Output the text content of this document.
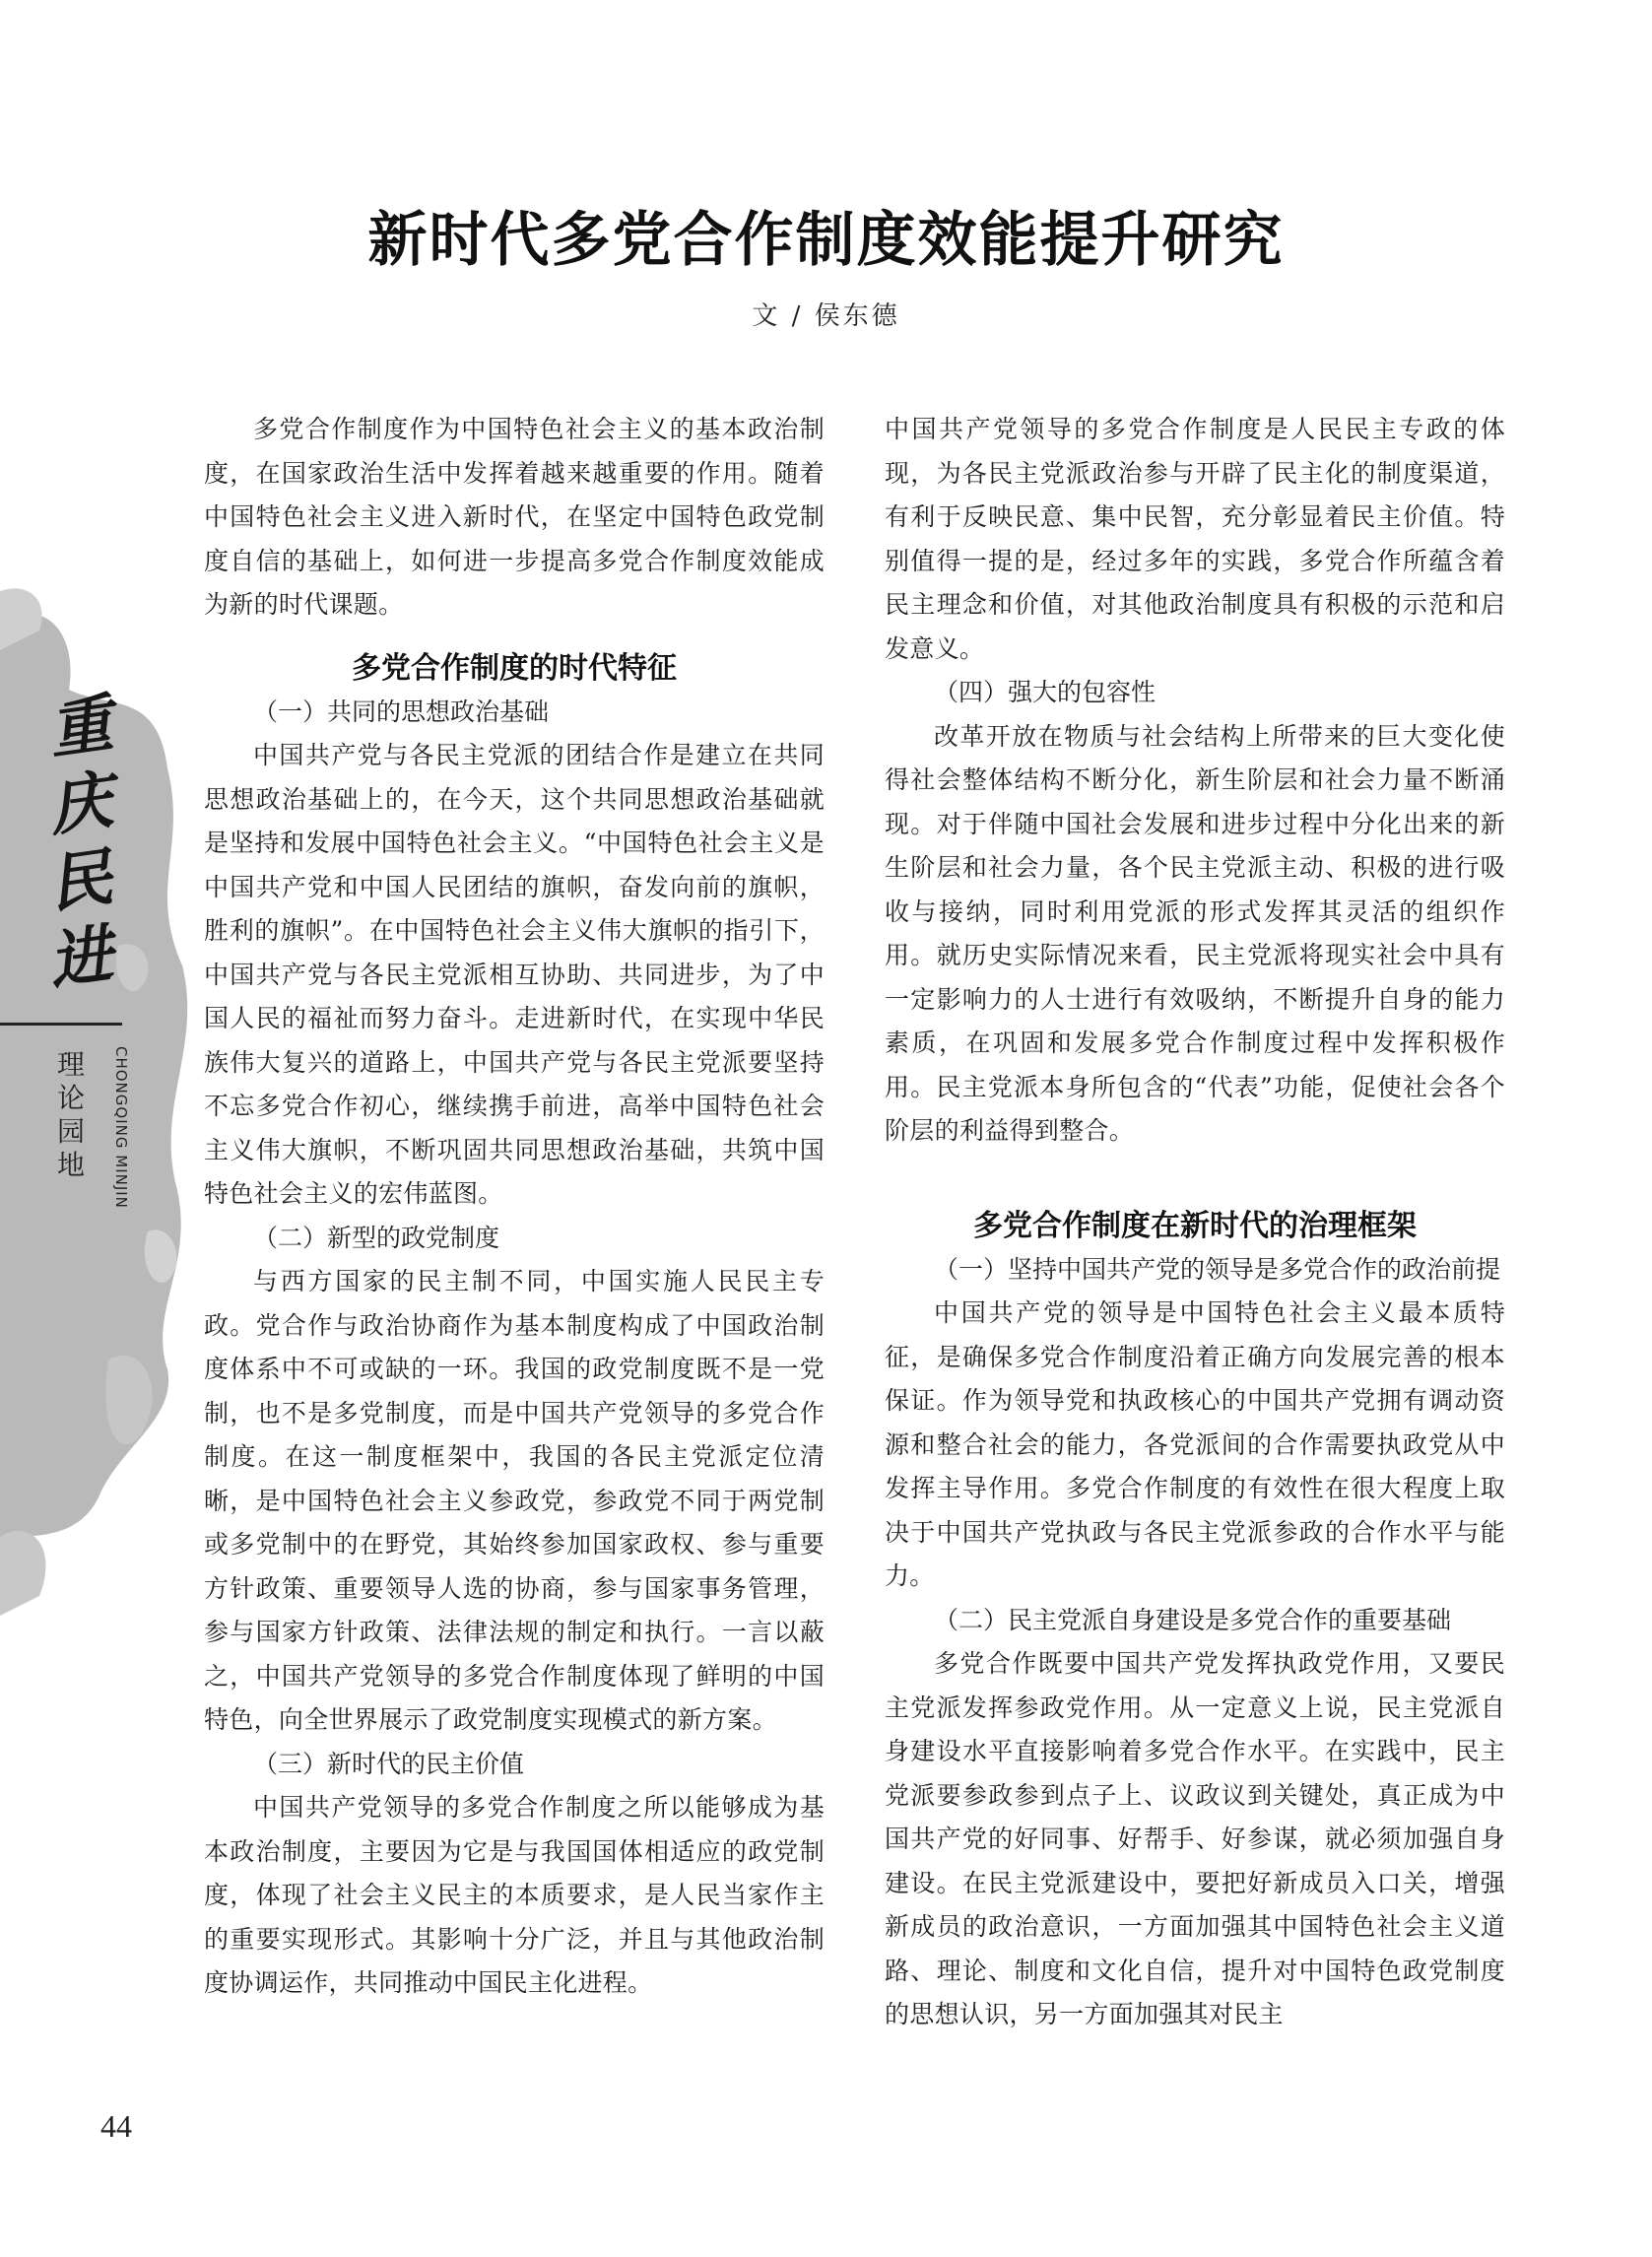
重
庆
民
进
理
论
园
地	CHONGQING MINJIN
新时代多党合作制度效能提升研究
文 / 侯东德

多党合作制度作为中国特色社会主义的基本政治制度，在国家政治生活中发挥着越来越重要的作用。随着中国特色社会主义进入新时代，在坚定中国特色政党制度自信的基础上，如何进一步提高多党合作制度效能成为新的时代课题。

多党合作制度的时代特征
（一）共同的思想政治基础

中国共产党与各民主党派的团结合作是建立在共同思想政治基础上的，在今天，这个共同思想政治基础就是坚持和发展中国特色社会主义。“中国特色社会主义是中国共产党和中国人民团结的旗帜，奋发向前的旗帜，胜利的旗帜”。在中国特色社会主义伟大旗帜的指引下，中国共产党与各民主党派相互协助、共同进步，为了中国人民的福祉而努力奋斗。走进新时代，在实现中华民族伟大复兴的道路上，中国共产党与各民主党派要坚持不忘多党合作初心，继续携手前进，高举中国特色社会主义伟大旗帜，不断巩固共同思想政治基础，共筑中国特色社会主义的宏伟蓝图。

（二）新型的政党制度

与西方国家的民主制不同，中国实施人民民主专政。党合作与政治协商作为基本制度构成了中国政治制度体系中不可或缺的一环。我国的政党制度既不是一党制，也不是多党制度，而是中国共产党领导的多党合作制度。在这一制度框架中，我国的各民主党派定位清晰，是中国特色社会主义参政党，参政党不同于两党制或多党制中的在野党，其始终参加国家政权、参与重要方针政策、重要领导人选的协商，参与国家事务管理，参与国家方针政策、法律法规的制定和执行。一言以蔽之，中国共产党领导的多党合作制度体现了鲜明的中国特色，向全世界展示了政党制度实现模式的新方案。

（三）新时代的民主价值

中国共产党领导的多党合作制度之所以能够成为基本政治制度，主要因为它是与我国国体相适应的政党制度，体现了社会主义民主的本质要求，是人民当家作主的重要实现形式。其影响十分广泛，并且与其他政治制度协调运作，共同推动中国民主化进程。

中国共产党领导的多党合作制度是人民民主专政的体现，为各民主党派政治参与开辟了民主化的制度渠道，有利于反映民意、集中民智，充分彰显着民主价值。特别值得一提的是，经过多年的实践，多党合作所蕴含着民主理念和价值，对其他政治制度具有积极的示范和启发意义。

（四）强大的包容性

改革开放在物质与社会结构上所带来的巨大变化使得社会整体结构不断分化，新生阶层和社会力量不断涌现。对于伴随中国社会发展和进步过程中分化出来的新生阶层和社会力量，各个民主党派主动、积极的进行吸收与接纳，同时利用党派的形式发挥其灵活的组织作用。就历史实际情况来看，民主党派将现实社会中具有一定影响力的人士进行有效吸纳，不断提升自身的能力素质，在巩固和发展多党合作制度过程中发挥积极作用。民主党派本身所包含的“代表”功能，促使社会各个阶层的利益得到整合。

多党合作制度在新时代的治理框架
（一）坚持中国共产党的领导是多党合作的政治前提

中国共产党的领导是中国特色社会主义最本质特征，是确保多党合作制度沿着正确方向发展完善的根本保证。作为领导党和执政核心的中国共产党拥有调动资源和整合社会的能力，各党派间的合作需要执政党从中发挥主导作用。多党合作制度的有效性在很大程度上取决于中国共产党执政与各民主党派参政的合作水平与能力。

（二）民主党派自身建设是多党合作的重要基础

多党合作既要中国共产党发挥执政党作用，又要民主党派发挥参政党作用。从一定意义上说，民主党派自身建设水平直接影响着多党合作水平。在实践中，民主党派要参政参到点子上、议政议到关键处，真正成为中国共产党的好同事、好帮手、好参谋，就必须加强自身建设。在民主党派建设中，要把好新成员入口关，增强新成员的政治意识，一方面加强其中国特色社会主义道路、理论、制度和文化自信，提升对中国特色政党制度的思想认识，另一方面加强其对民主

44
